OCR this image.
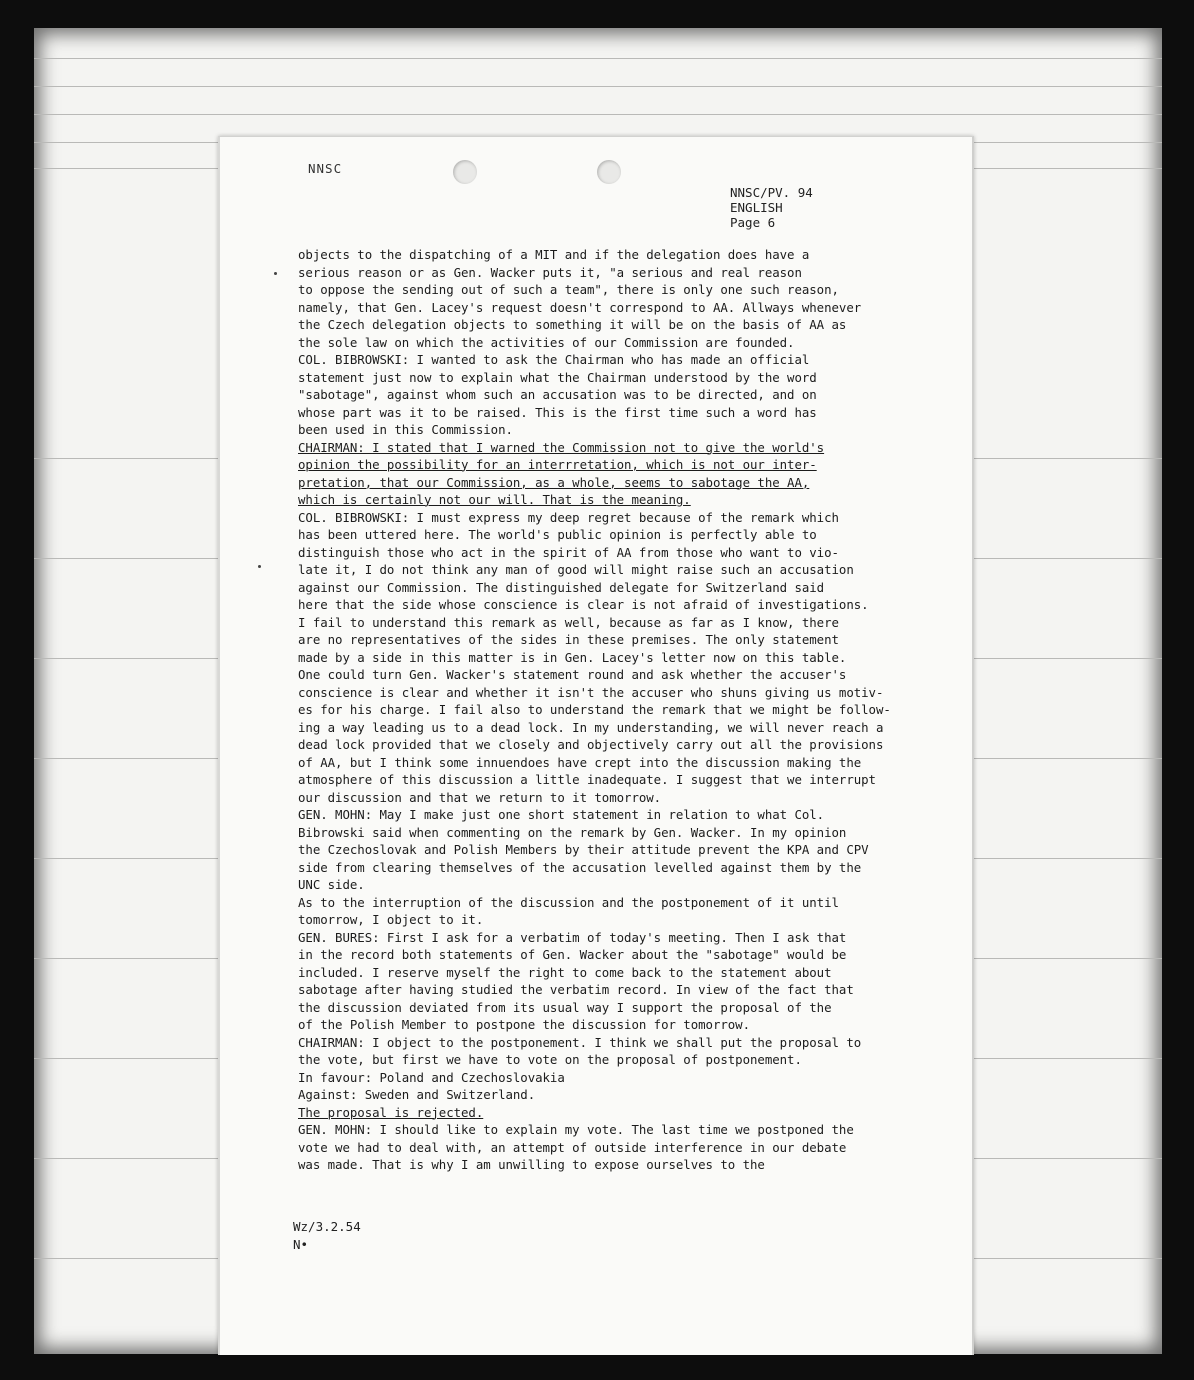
NNSC
NNSC/PV. 94
ENGLISH
Page 6
objects to the dispatching of a MIT and if the delegation does have a
serious reason or as Gen. Wacker puts it, "a serious and real reason
to oppose the sending out of such a team", there is only one such reason,
namely, that Gen. Lacey's request doesn't correspond to AA. Allways whenever
the Czech delegation objects to something it will be on the basis of AA as
the sole law on which the activities of our Commission are founded.
COL. BIBROWSKI: I wanted to ask the Chairman who has made an official
statement just now to explain what the Chairman understood by the word
"sabotage", against whom such an accusation was to be directed, and on
whose part was it to be raised. This is the first time such a word has
been used in this Commission.
CHAIRMAN: I stated that I warned the Commission not to give the world's
opinion the possibility for an interrretation, which is not our inter-
pretation, that our Commission, as a whole, seems to sabotage the AA,
which is certainly not our will. That is the meaning.
COL. BIBROWSKI: I must express my deep regret because of the remark which
has been uttered here. The world's public opinion is perfectly able to
distinguish those who act in the spirit of AA from those who want to vio-
late it, I do not think any man of good will might raise such an accusation
against our Commission. The distinguished delegate for Switzerland said
here that the side whose conscience is clear is not afraid of investigations.
I fail to understand this remark as well, because as far as I know, there
are no representatives of the sides in these premises. The only statement
made by a side in this matter is in Gen. Lacey's letter now on this table.
One could turn Gen. Wacker's statement round and ask whether the accuser's
conscience is clear and whether it isn't the accuser who shuns giving us motiv-
es for his charge. I fail also to understand the remark that we might be follow-
ing a way leading us to a dead lock. In my understanding, we will never reach a
dead lock provided that we closely and objectively carry out all the provisions
of AA, but I think some innuendoes have crept into the discussion making the
atmosphere of this discussion a little inadequate. I suggest that we interrupt
our discussion and that we return to it tomorrow.
GEN. MOHN: May I make just one short statement in relation to what Col.
Bibrowski said when commenting on the remark by Gen. Wacker. In my opinion
the Czechoslovak and Polish Members by their attitude prevent the KPA and CPV
side from clearing themselves of the accusation levelled against them by the
UNC side.
As to the interruption of the discussion and the postponement of it until
tomorrow, I object to it.
GEN. BURES: First I ask for a verbatim of today's meeting. Then I ask that
in the record both statements of Gen. Wacker about the "sabotage" would be
included. I reserve myself the right to come back to the statement about
sabotage after having studied the verbatim record. In view of the fact that
the discussion deviated from its usual way I support the proposal of the
of the Polish Member to postpone the discussion for tomorrow.
CHAIRMAN: I object to the postponement. I think we shall put the proposal to
the vote, but first we have to vote on the proposal of postponement.
In favour: Poland and Czechoslovakia
Against: Sweden and Switzerland.
The proposal is rejected.
GEN. MOHN: I should like to explain my vote. The last time we postponed the
vote we had to deal with, an attempt of outside interference in our debate
was made. That is why I am unwilling to expose ourselves to the
Wz/3.2.54
N•
